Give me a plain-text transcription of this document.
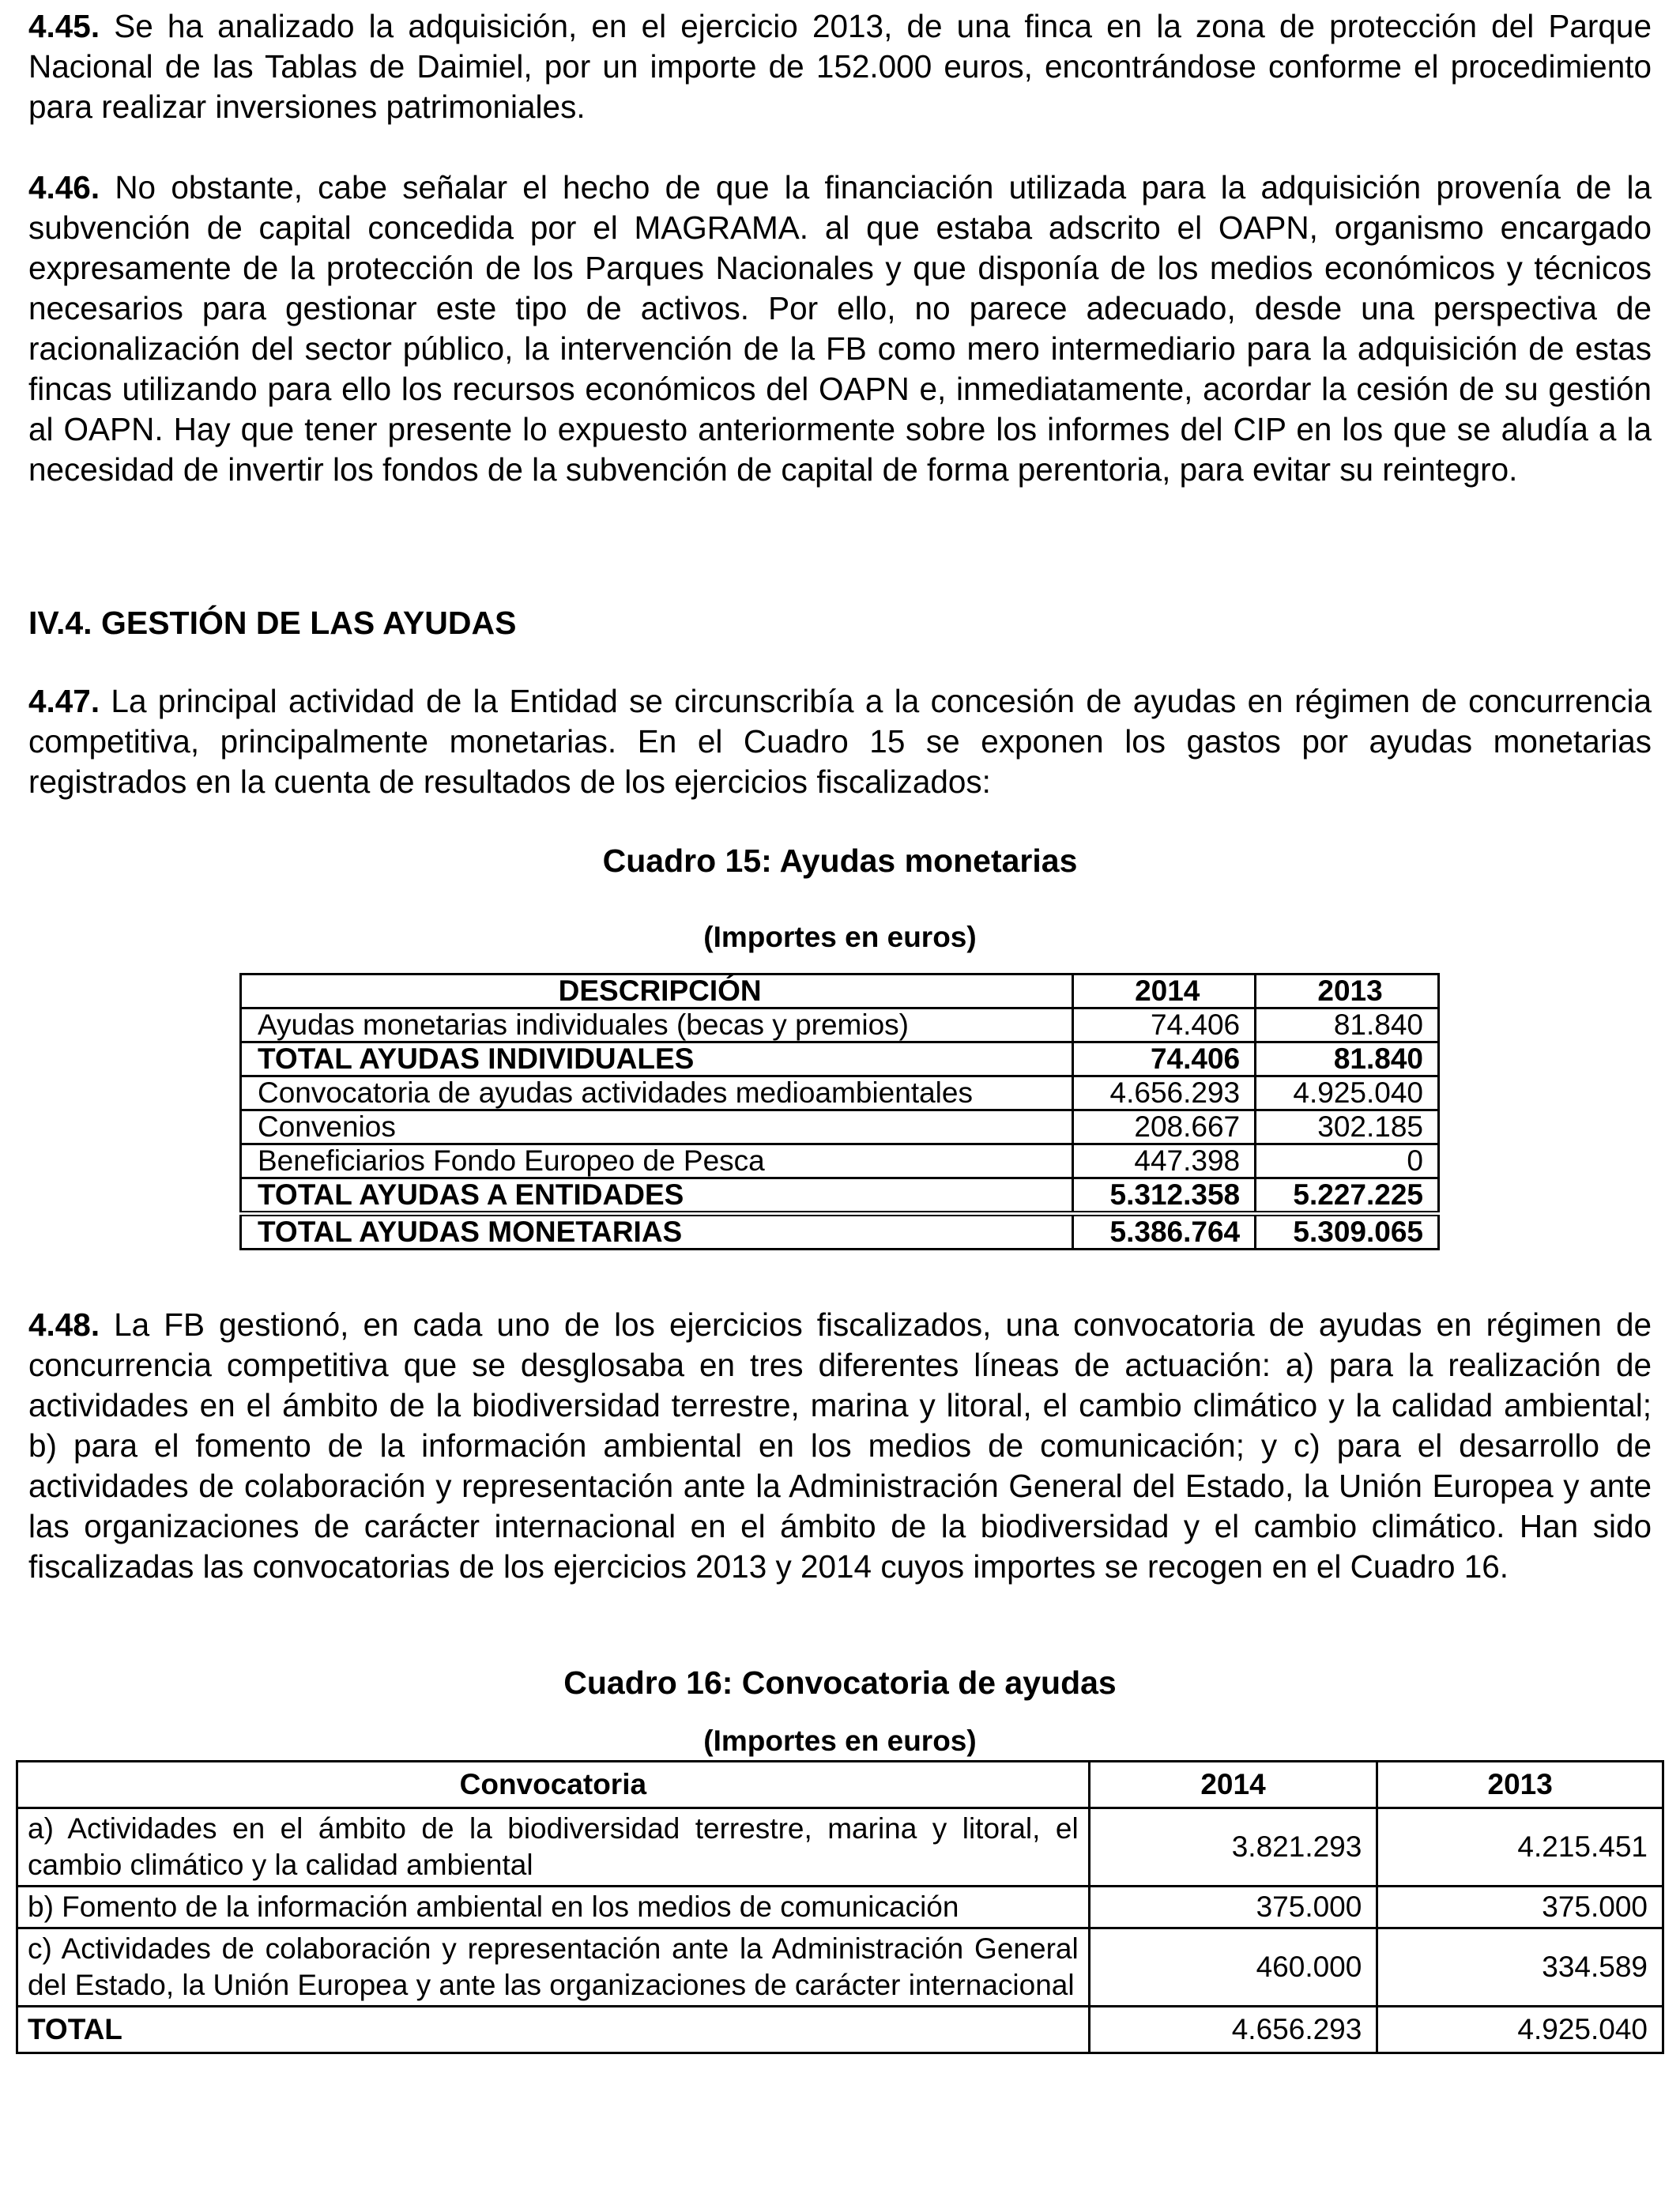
4.45. Se ha analizado la adquisición, en el ejercicio 2013, de una finca en la zona de protección del Parque Nacional de las Tablas de Daimiel, por un importe de 152.000 euros, encontrándose conforme el procedimiento para realizar inversiones patrimoniales.

4.46. No obstante, cabe señalar el hecho de que la financiación utilizada para la adquisición provenía de la subvención de capital concedida por el MAGRAMA. al que estaba adscrito el OAPN, organismo encargado expresamente de la protección de los Parques Nacionales y que disponía de los medios económicos y técnicos necesarios para gestionar este tipo de activos. Por ello, no parece adecuado, desde una perspectiva de racionalización del sector público, la intervención de la FB como mero intermediario para la adquisición de estas fincas utilizando para ello los recursos económicos del OAPN e, inmediatamente, acordar la cesión de su gestión al OAPN. Hay que tener presente lo expuesto anteriormente sobre los informes del CIP en los que se aludía a la necesidad de invertir los fondos de la subvención de capital de forma perentoria, para evitar su reintegro.

IV.4. GESTIÓN DE LAS AYUDAS

4.47. La principal actividad de la Entidad se circunscribía a la concesión de ayudas en régimen de concurrencia competitiva, principalmente monetarias. En el Cuadro 15 se exponen los gastos por ayudas monetarias registrados en la cuenta de resultados de los ejercicios fiscalizados:

Cuadro 15: Ayudas monetarias

(Importes en euros)

DESCRIPCIÓN	2014	2013
Ayudas monetarias individuales (becas y premios)	74.406	81.840
TOTAL AYUDAS INDIVIDUALES	74.406	81.840
Convocatoria de ayudas actividades medioambientales	4.656.293	4.925.040
Convenios	208.667	302.185
Beneficiarios Fondo Europeo de Pesca	447.398	0
TOTAL AYUDAS A ENTIDADES	5.312.358	5.227.225
TOTAL AYUDAS MONETARIAS	5.386.764	5.309.065

4.48. La FB gestionó, en cada uno de los ejercicios fiscalizados, una convocatoria de ayudas en régimen de concurrencia competitiva que se desglosaba en tres diferentes líneas de actuación: a) para la realización de actividades en el ámbito de la biodiversidad terrestre, marina y litoral, el cambio climático y la calidad ambiental; b) para el fomento de la información ambiental en los medios de comunicación; y c) para el desarrollo de actividades de colaboración y representación ante la Administración General del Estado, la Unión Europea y ante las organizaciones de carácter internacional en el ámbito de la biodiversidad y el cambio climático. Han sido fiscalizadas las convocatorias de los ejercicios 2013 y 2014 cuyos importes se recogen en el Cuadro 16.

Cuadro 16: Convocatoria de ayudas

(Importes en euros)

Convocatoria	2014	2013
a) Actividades en el ámbito de la biodiversidad terrestre, marina y litoral, el cambio climático y la calidad ambiental	3.821.293	4.215.451
b) Fomento de la información ambiental en los medios de comunicación	375.000	375.000
c) Actividades de colaboración y representación ante la Administración General del Estado, la Unión Europea y ante las organizaciones de carácter internacional	460.000	334.589
TOTAL	4.656.293	4.925.040
